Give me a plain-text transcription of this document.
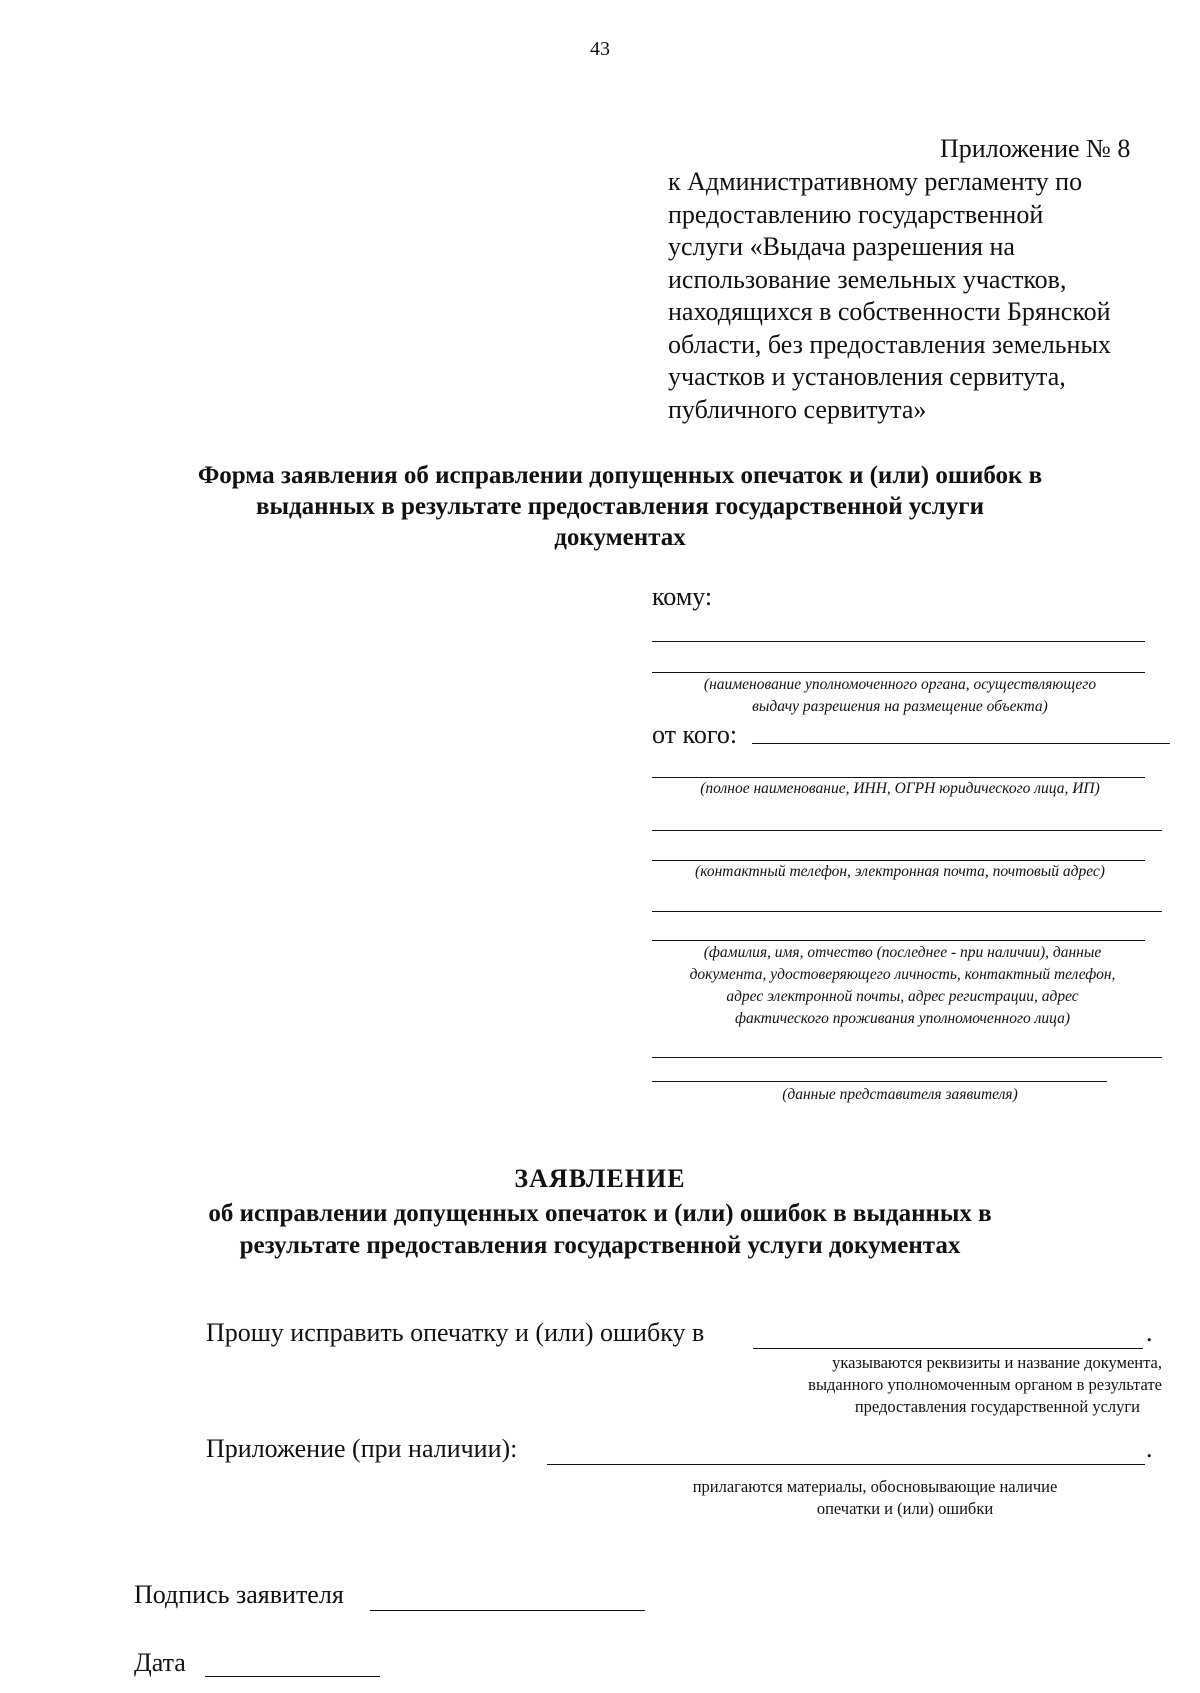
43
Приложение № 8
к Административному регламенту по
предоставлению государственной
услуги «Выдача разрешения на
использование земельных участков,
находящихся в собственности Брянской
области, без предоставления земельных
участков и установления сервитута,
публичного сервитута»
Форма заявления об исправлении допущенных опечаток и (или) ошибок в
выданных в результате предоставления государственной услуги
документах
кому:
(наименование уполномоченного органа, осуществляющего
выдачу разрешения на размещение объекта)
от кого:
(полное наименование, ИНН, ОГРН юридического лица, ИП)
(контактный телефон, электронная почта, почтовый адрес)
(фамилия, имя, отчество (последнее - при наличии), данные
документа, удостоверяющего личность, контактный телефон,
адрес электронной почты, адрес регистрации, адрес
фактического проживания уполномоченного лица)
(данные представителя заявителя)
ЗАЯВЛЕНИЕ
об исправлении допущенных опечаток и (или) ошибок в выданных в
результате предоставления государственной услуги документах
Прошу исправить опечатку и (или) ошибку в	.
указываются реквизиты и название документа,
выданного уполномоченным органом в результате
предоставления государственной услуги
Приложение (при наличии):	.
прилагаются материалы, обосновывающие наличие
опечатки и (или) ошибки
Подпись заявителя
Дата
